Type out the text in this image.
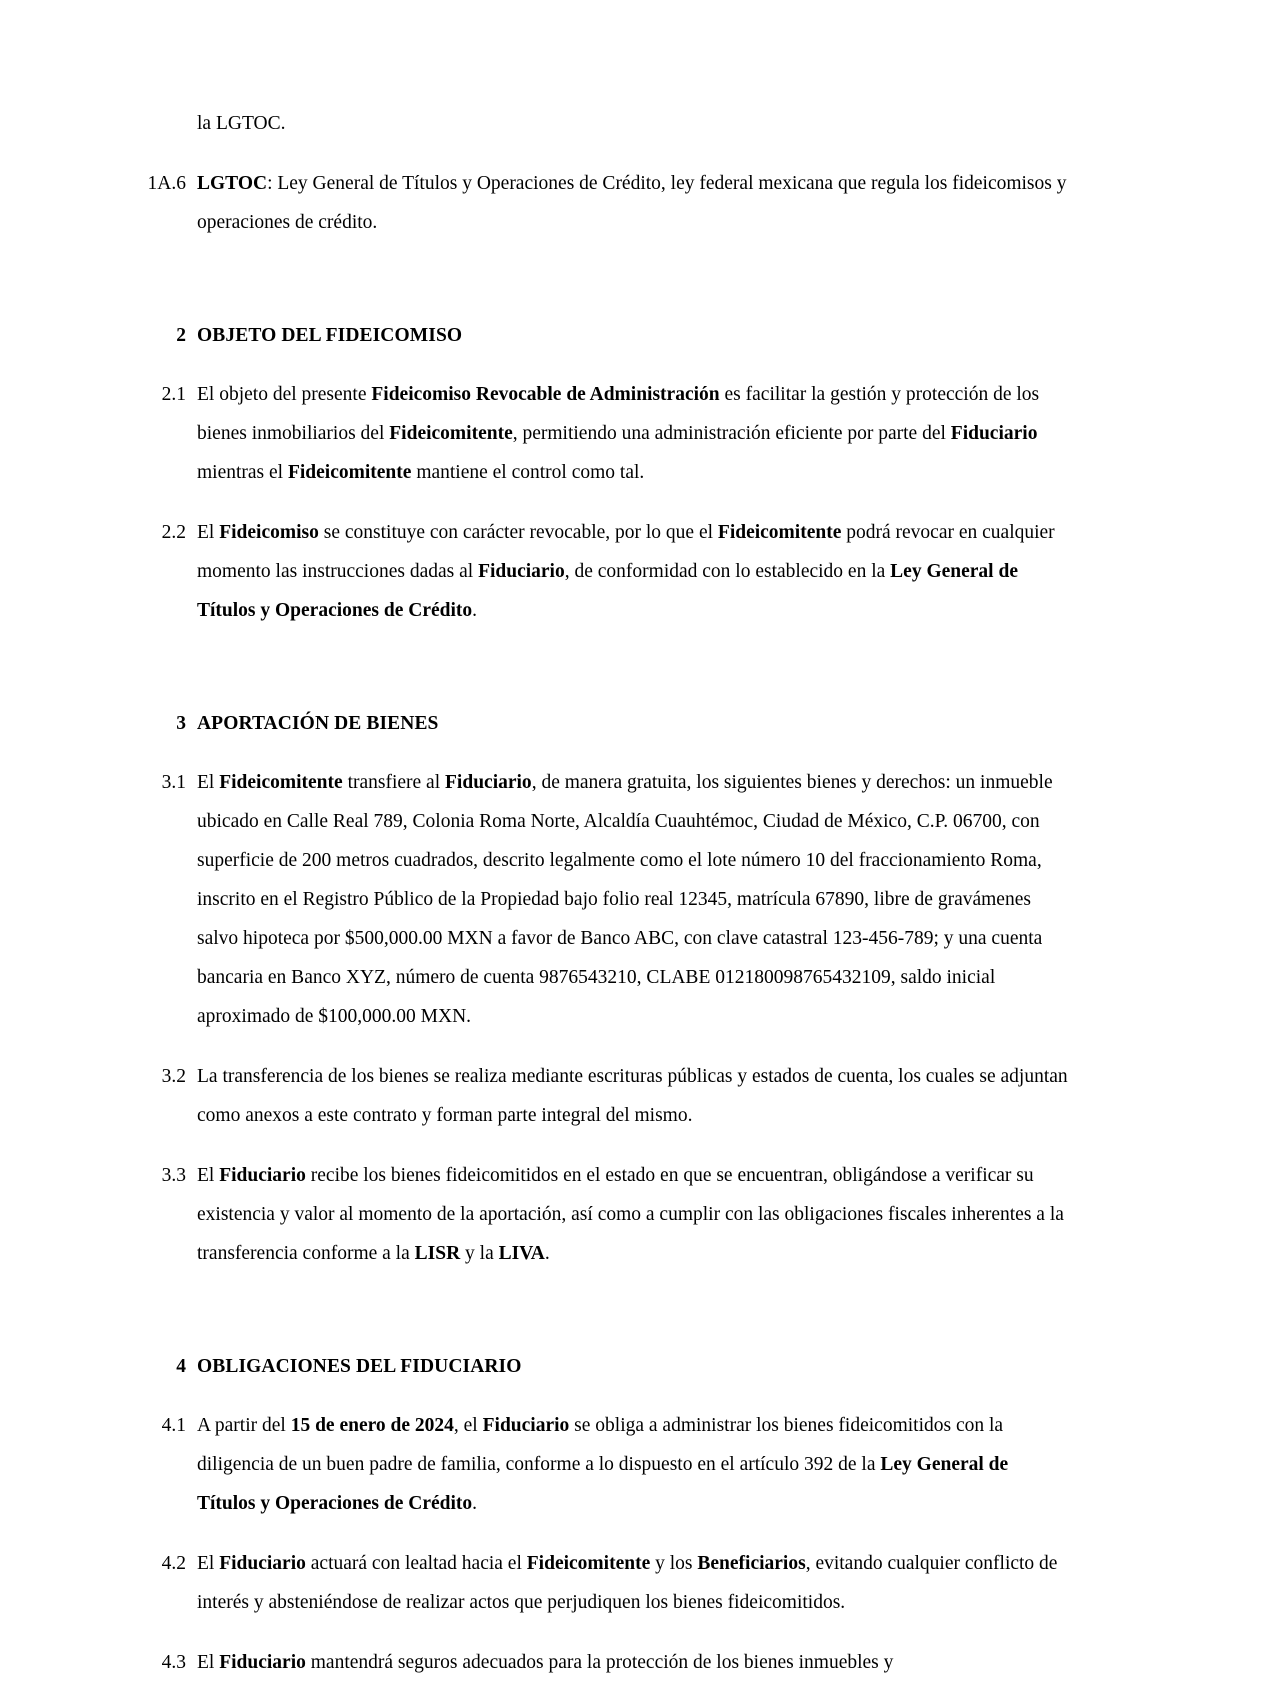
la LGTOC.
1A.6 LGTOC: Ley General de Títulos y Operaciones de Crédito, ley federal mexicana que regula los fideicomisos y operaciones de crédito.
2 OBJETO DEL FIDEICOMISO
2.1 El objeto del presente Fideicomiso Revocable de Administración es facilitar la gestión y protección de los bienes inmobiliarios del Fideicomitente, permitiendo una administración eficiente por parte del Fiduciario mientras el Fideicomitente mantiene el control como tal.
2.2 El Fideicomiso se constituye con carácter revocable, por lo que el Fideicomitente podrá revocar en cualquier momento las instrucciones dadas al Fiduciario, de conformidad con lo establecido en la Ley General de Títulos y Operaciones de Crédito.
3 APORTACIÓN DE BIENES
3.1 El Fideicomitente transfiere al Fiduciario, de manera gratuita, los siguientes bienes y derechos: un inmueble ubicado en Calle Real 789, Colonia Roma Norte, Alcaldía Cuauhtémoc, Ciudad de México, C.P. 06700, con superficie de 200 metros cuadrados, descrito legalmente como el lote número 10 del fraccionamiento Roma, inscrito en el Registro Público de la Propiedad bajo folio real 12345, matrícula 67890, libre de gravámenes salvo hipoteca por $500,000.00 MXN a favor de Banco ABC, con clave catastral 123-456-789; y una cuenta bancaria en Banco XYZ, número de cuenta 9876543210, CLABE 012180098765432109, saldo inicial aproximado de $100,000.00 MXN.
3.2 La transferencia de los bienes se realiza mediante escrituras públicas y estados de cuenta, los cuales se adjuntan como anexos a este contrato y forman parte integral del mismo.
3.3 El Fiduciario recibe los bienes fideicomitidos en el estado en que se encuentran, obligándose a verificar su existencia y valor al momento de la aportación, así como a cumplir con las obligaciones fiscales inherentes a la transferencia conforme a la LISR y la LIVA.
4 OBLIGACIONES DEL FIDUCIARIO
4.1 A partir del 15 de enero de 2024, el Fiduciario se obliga a administrar los bienes fideicomitidos con la diligencia de un buen padre de familia, conforme a lo dispuesto en el artículo 392 de la Ley General de Títulos y Operaciones de Crédito.
4.2 El Fiduciario actuará con lealtad hacia el Fideicomitente y los Beneficiarios, evitando cualquier conflicto de interés y absteniéndose de realizar actos que perjudiquen los bienes fideicomitidos.
4.3 El Fiduciario mantendrá seguros adecuados para la protección de los bienes inmuebles y
